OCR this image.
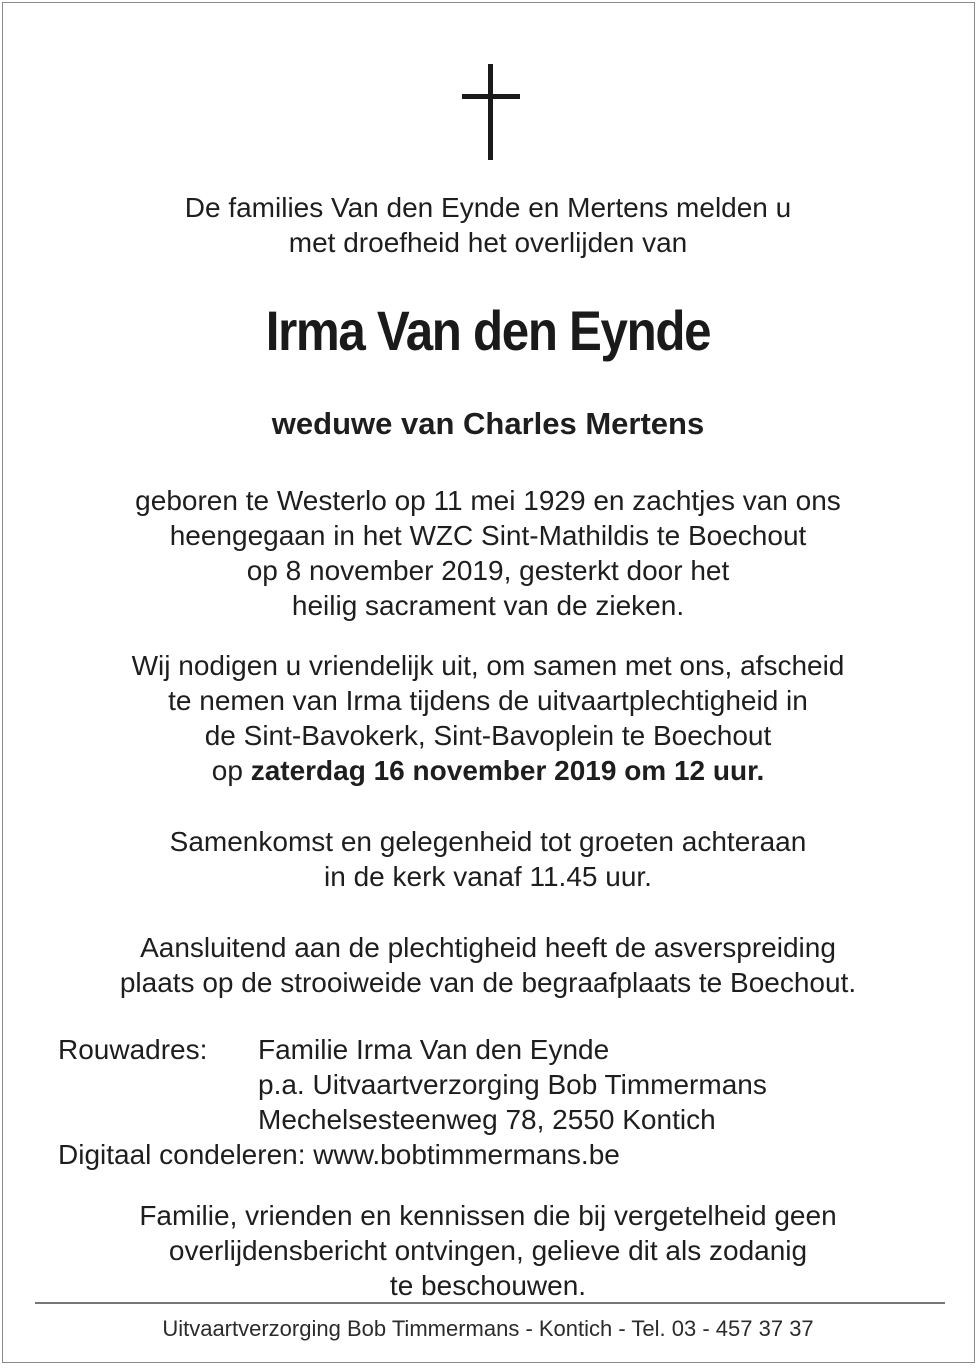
De families Van den Eynde en Mertens melden u
met droefheid het overlijden van
Irma Van den Eynde
weduwe van Charles Mertens
geboren te Westerlo op 11 mei 1929 en zachtjes van ons
heengegaan in het WZC Sint-Mathildis te Boechout
op 8 november 2019, gesterkt door het
heilig sacrament van de zieken.
Wij nodigen u vriendelijk uit, om samen met ons, afscheid
te nemen van Irma tijdens de uitvaartplechtigheid in
de Sint-Bavokerk, Sint-Bavoplein te Boechout
op zaterdag 16 november 2019 om 12 uur.
Samenkomst en gelegenheid tot groeten achteraan
in de kerk vanaf 11.45 uur.
Aansluitend aan de plechtigheid heeft de asverspreiding
plaats op de strooiweide van de begraafplaats te Boechout.
Rouwadres: Familie Irma Van den Eynde
p.a. Uitvaartverzorging Bob Timmermans
Mechelsesteenweg 78, 2550 Kontich
Digitaal condeleren: www.bobtimmermans.be
Familie, vrienden en kennissen die bij vergetelheid geen
overlijdensbericht ontvingen, gelieve dit als zodanig
te beschouwen.
Uitvaartverzorging Bob Timmermans - Kontich - Tel. 03 - 457 37 37
